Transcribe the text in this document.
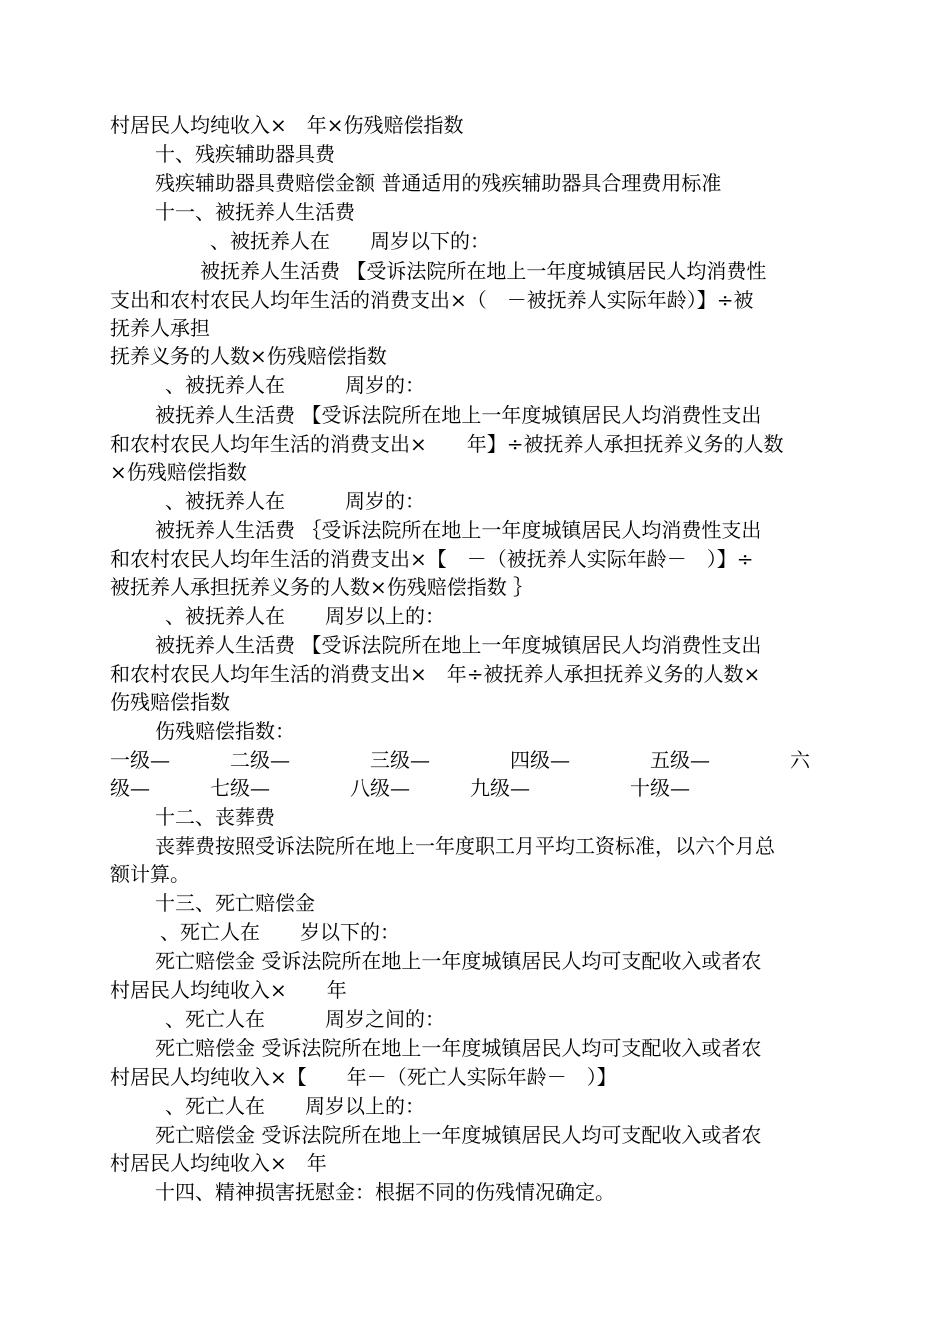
村居民人均纯收入×　年×伤残赔偿指数
十、残疾辅助器具费
残疾辅助器具费赔偿金额 普通适用的残疾辅助器具合理费用标准
十一、被抚养人生活费
、被抚养人在　　周岁以下的：
被抚养人生活费 【受诉法院所在地上一年度城镇居民人均消费性
支出和农村农民人均年生活的消费支出×（　－被抚养人实际年龄）】÷被
抚养人承担
抚养义务的人数×伤残赔偿指数
、被抚养人在　　　周岁的：
被抚养人生活费 【受诉法院所在地上一年度城镇居民人均消费性支出
和农村农民人均年生活的消费支出×　　年】÷被抚养人承担抚养义务的人数
×伤残赔偿指数
、被抚养人在　　　周岁的：
被抚养人生活费 ｛受诉法院所在地上一年度城镇居民人均消费性支出
和农村农民人均年生活的消费支出×【　－（被抚养人实际年龄－　）】÷
被抚养人承担抚养义务的人数×伤残赔偿指数 ｝
、被抚养人在　　周岁以上的：
被抚养人生活费 【受诉法院所在地上一年度城镇居民人均消费性支出
和农村农民人均年生活的消费支出×　年÷被抚养人承担抚养义务的人数×
伤残赔偿指数
伤残赔偿指数：
一级—　　　二级—　　　　三级—　　　　四级—　　　　五级—　　　　六
级—　　　七级—　　　　八级—　　　九级—　　　　　十级—
十二、丧葬费
丧葬费按照受诉法院所在地上一年度职工月平均工资标准，以六个月总
额计算。
十三、死亡赔偿金
、死亡人在　　岁以下的：
死亡赔偿金 受诉法院所在地上一年度城镇居民人均可支配收入或者农
村居民人均纯收入×　　年
、死亡人在　　　周岁之间的：
死亡赔偿金 受诉法院所在地上一年度城镇居民人均可支配收入或者农
村居民人均纯收入×【　　年－（死亡人实际年龄－　）】
、死亡人在　　周岁以上的：
死亡赔偿金 受诉法院所在地上一年度城镇居民人均可支配收入或者农
村居民人均纯收入×　年
十四、精神损害抚慰金：根据不同的伤残情况确定。
